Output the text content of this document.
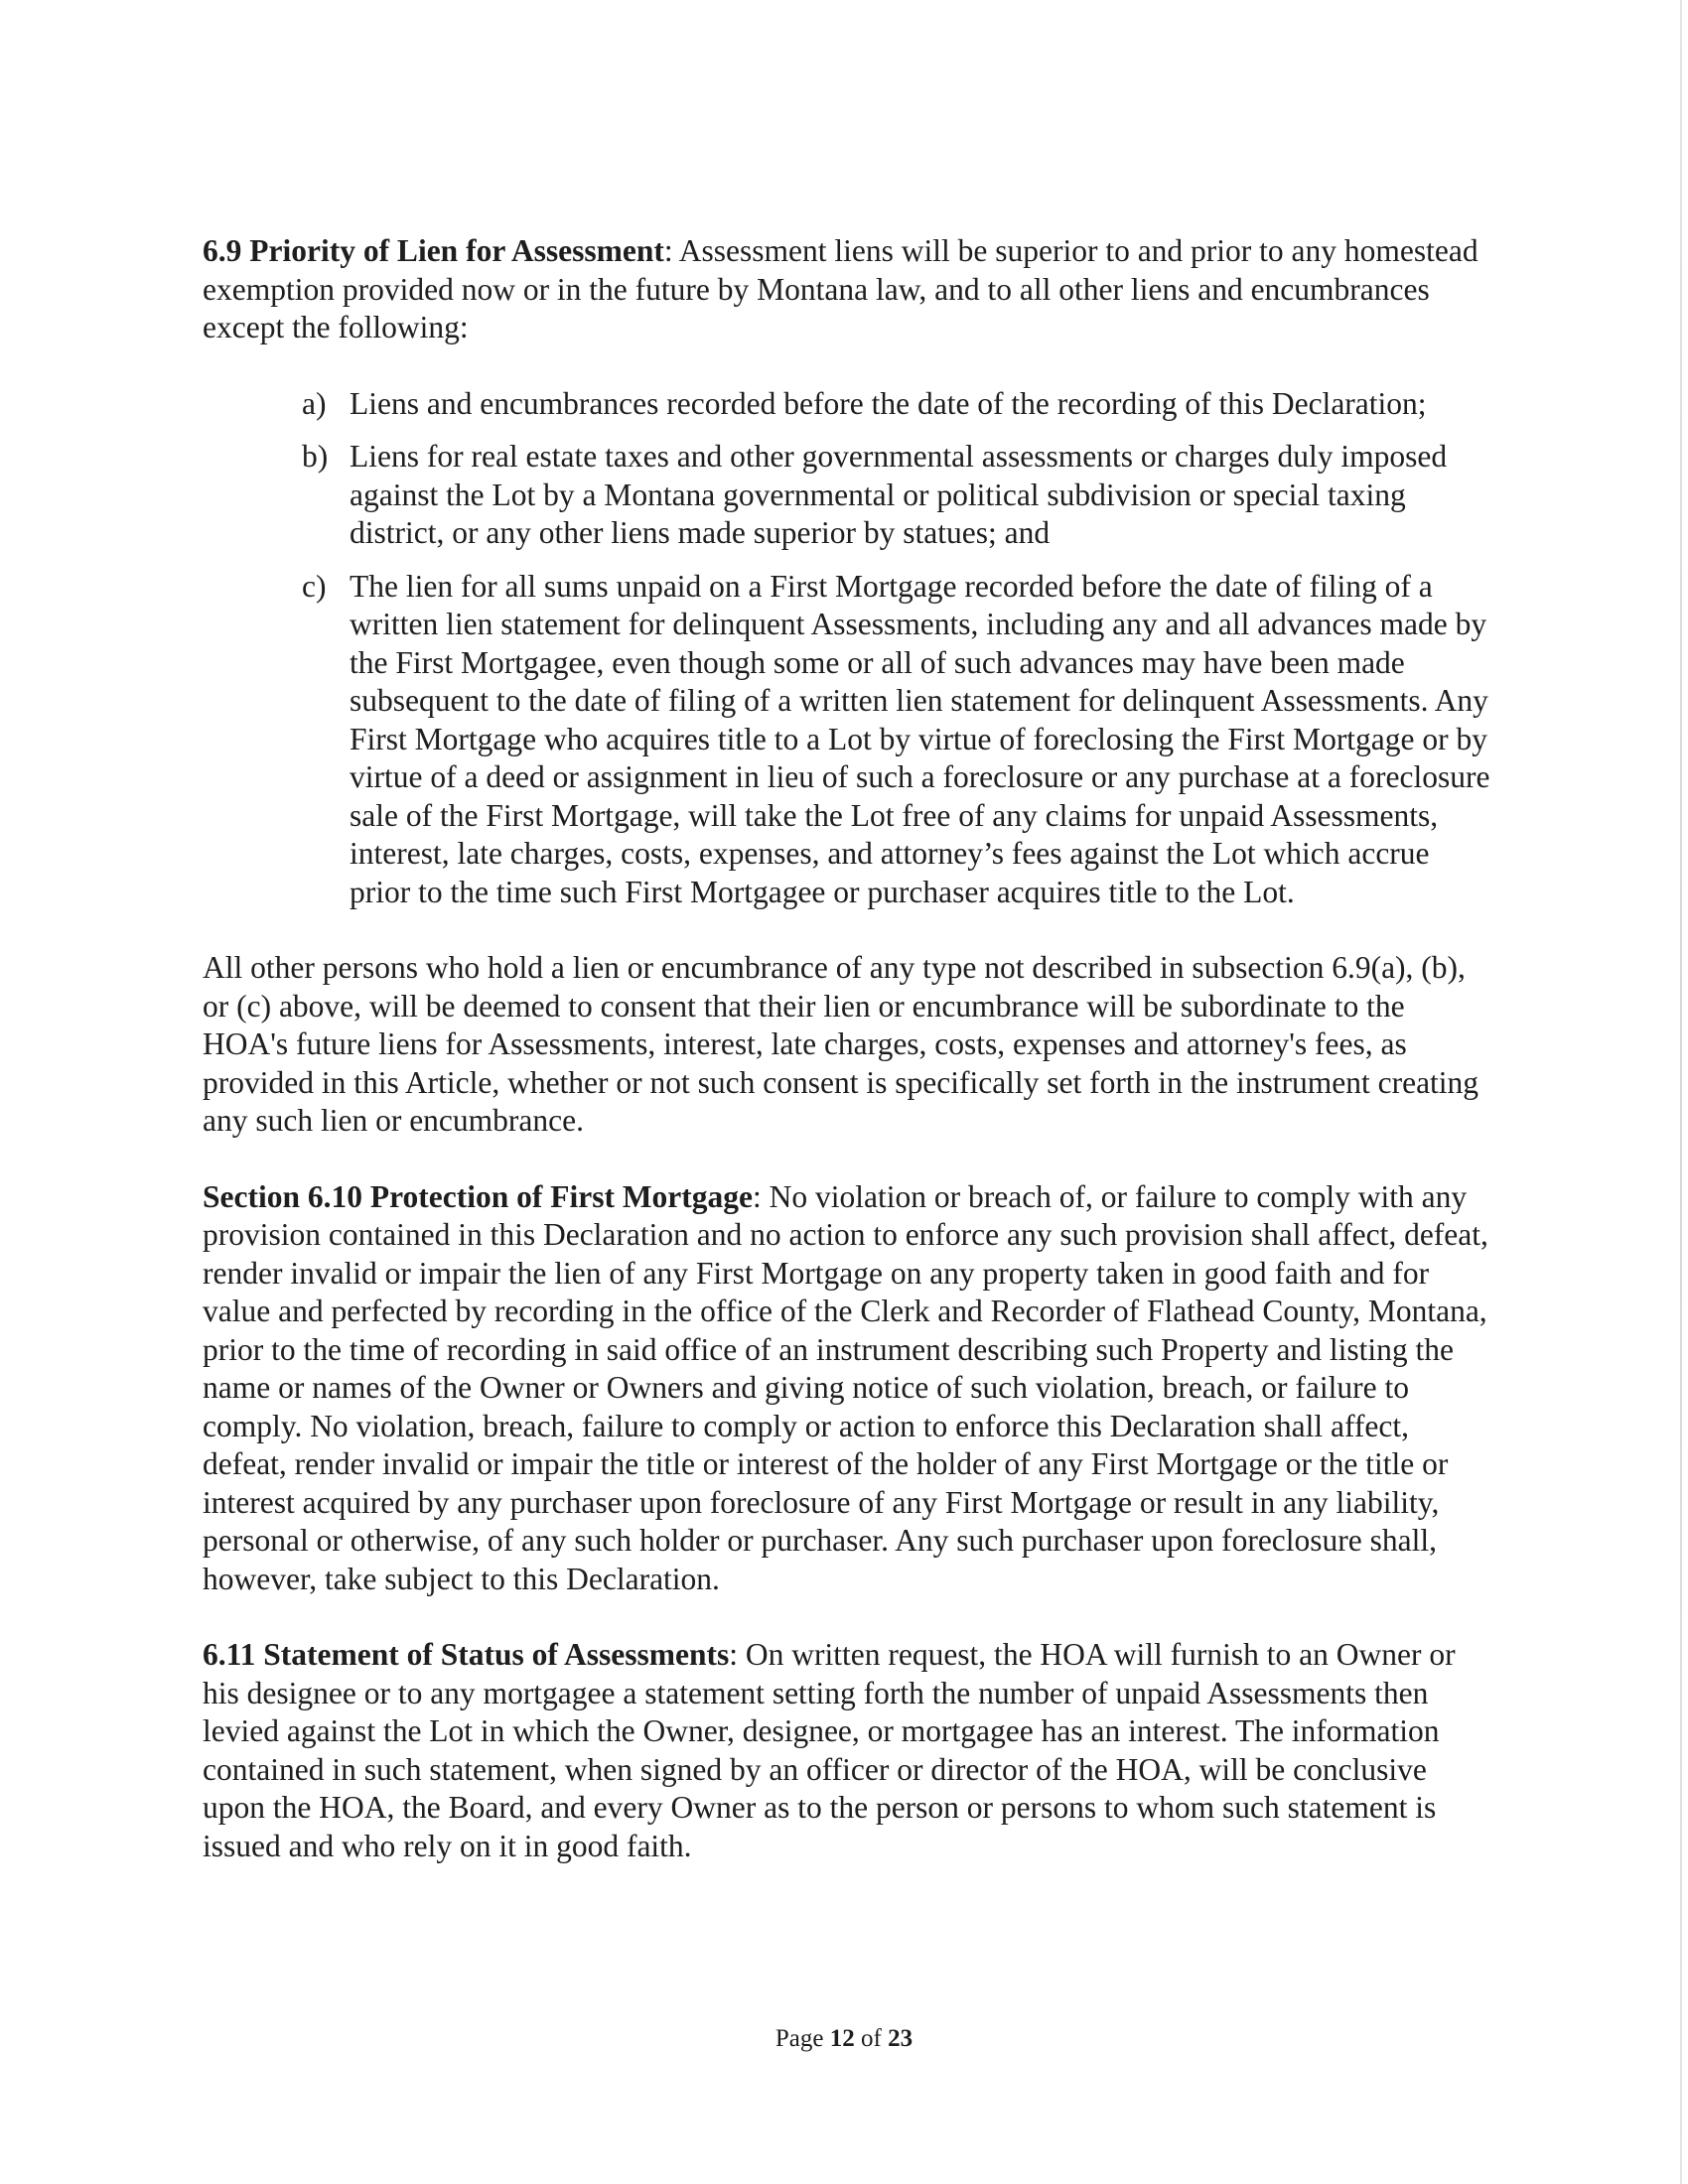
6.9 Priority of Lien for Assessment: Assessment liens will be superior to and prior to any homestead exemption provided now or in the future by Montana law, and to all other liens and encumbrances except the following:

a) Liens and encumbrances recorded before the date of the recording of this Declaration;
b) Liens for real estate taxes and other governmental assessments or charges duly imposed against the Lot by a Montana governmental or political subdivision or special taxing district, or any other liens made superior by statues; and
c) The lien for all sums unpaid on a First Mortgage recorded before the date of filing of a written lien statement for delinquent Assessments, including any and all advances made by the First Mortgagee, even though some or all of such advances may have been made subsequent to the date of filing of a written lien statement for delinquent Assessments. Any First Mortgage who acquires title to a Lot by virtue of foreclosing the First Mortgage or by virtue of a deed or assignment in lieu of such a foreclosure or any purchase at a foreclosure sale of the First Mortgage, will take the Lot free of any claims for unpaid Assessments, interest, late charges, costs, expenses, and attorney’s fees against the Lot which accrue prior to the time such First Mortgagee or purchaser acquires title to the Lot.

All other persons who hold a lien or encumbrance of any type not described in subsection 6.9(a), (b), or (c) above, will be deemed to consent that their lien or encumbrance will be subordinate to the HOA's future liens for Assessments, interest, late charges, costs, expenses and attorney's fees, as provided in this Article, whether or not such consent is specifically set forth in the instrument creating any such lien or encumbrance.

Section 6.10 Protection of First Mortgage: No violation or breach of, or failure to comply with any provision contained in this Declaration and no action to enforce any such provision shall affect, defeat, render invalid or impair the lien of any First Mortgage on any property taken in good faith and for value and perfected by recording in the office of the Clerk and Recorder of Flathead County, Montana, prior to the time of recording in said office of an instrument describing such Property and listing the name or names of the Owner or Owners and giving notice of such violation, breach, or failure to comply. No violation, breach, failure to comply or action to enforce this Declaration shall affect, defeat, render invalid or impair the title or interest of the holder of any First Mortgage or the title or interest acquired by any purchaser upon foreclosure of any First Mortgage or result in any liability, personal or otherwise, of any such holder or purchaser. Any such purchaser upon foreclosure shall, however, take subject to this Declaration.

6.11 Statement of Status of Assessments: On written request, the HOA will furnish to an Owner or his designee or to any mortgagee a statement setting forth the number of unpaid Assessments then levied against the Lot in which the Owner, designee, or mortgagee has an interest. The information contained in such statement, when signed by an officer or director of the HOA, will be conclusive upon the HOA, the Board, and every Owner as to the person or persons to whom such statement is issued and who rely on it in good faith.

Page 12 of 23
